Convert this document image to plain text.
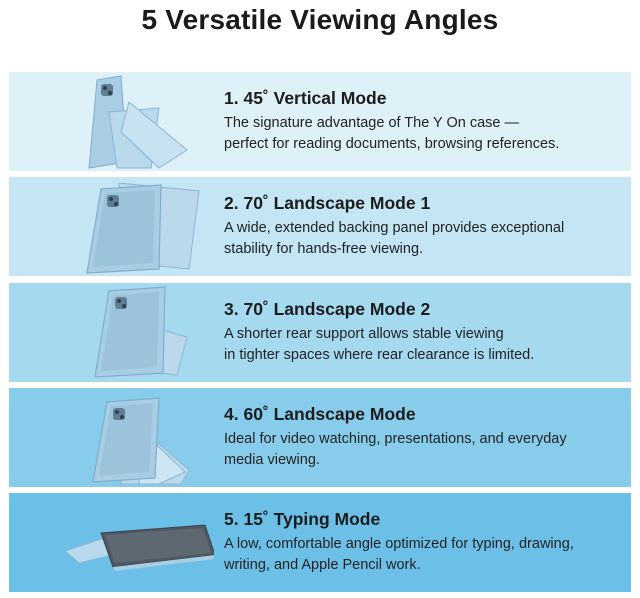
5 Versatile Viewing Angles
1. 45˚ Vertical Mode
The signature advantage of The Y On case —
perfect for reading documents, browsing references.
2. 70˚ Landscape Mode 1
A wide, extended backing panel provides exceptional
stability for hands-free viewing.
3. 70˚ Landscape Mode 2
A shorter rear support allows stable viewing
in tighter spaces where rear clearance is limited.
4. 60˚ Landscape Mode
Ideal for video watching, presentations, and everyday
media viewing.
5. 15˚ Typing Mode
A low, comfortable angle optimized for typing, drawing,
writing, and Apple Pencil work.
